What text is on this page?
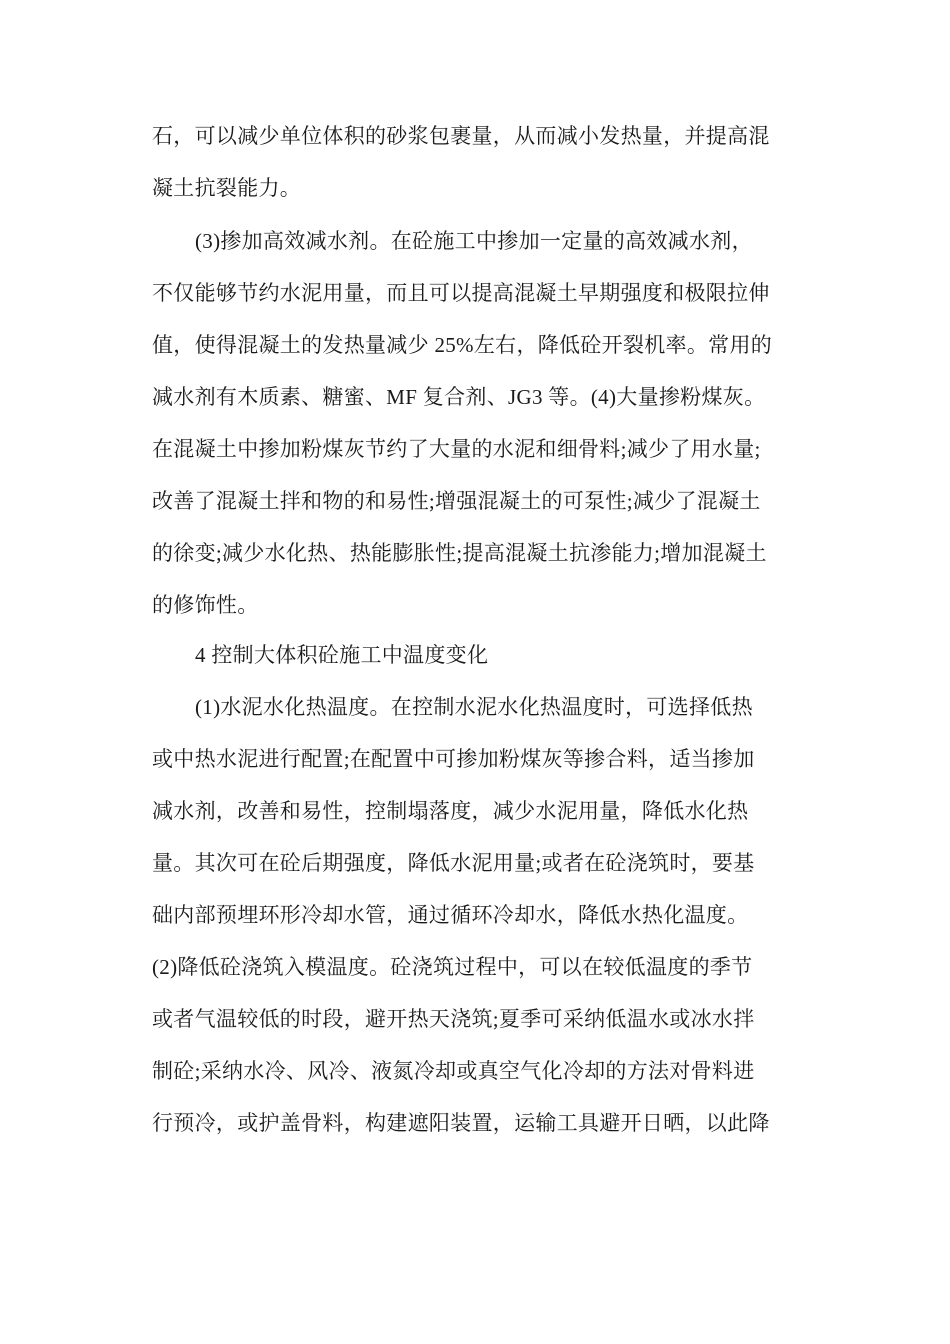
石，可以减少单位体积的砂浆包裹量，从而减小发热量，并提高混
凝土抗裂能力。
(3)掺加高效减水剂。在砼施工中掺加一定量的高效减水剂，
不仅能够节约水泥用量，而且可以提高混凝土早期强度和极限拉伸
值，使得混凝土的发热量减少 25%左右，降低砼开裂机率。常用的
减水剂有木质素、糖蜜、MF 复合剂、JG3 等。(4)大量掺粉煤灰。
在混凝土中掺加粉煤灰节约了大量的水泥和细骨料;减少了用水量;
改善了混凝土拌和物的和易性;增强混凝土的可泵性;减少了混凝土
的徐变;减少水化热、热能膨胀性;提高混凝土抗渗能力;增加混凝土
的修饰性。
4 控制大体积砼施工中温度变化
(1)水泥水化热温度。在控制水泥水化热温度时，可选择低热
或中热水泥进行配置;在配置中可掺加粉煤灰等掺合料，适当掺加
减水剂，改善和易性，控制塌落度，减少水泥用量，降低水化热
量。其次可在砼后期强度，降低水泥用量;或者在砼浇筑时，要基
础内部预埋环形冷却水管，通过循环冷却水，降低水热化温度。
(2)降低砼浇筑入模温度。砼浇筑过程中，可以在较低温度的季节
或者气温较低的时段，避开热天浇筑;夏季可采纳低温水或冰水拌
制砼;采纳水冷、风冷、液氮冷却或真空气化冷却的方法对骨料进
行预冷，或护盖骨料，构建遮阳装置，运输工具避开日晒，以此降
